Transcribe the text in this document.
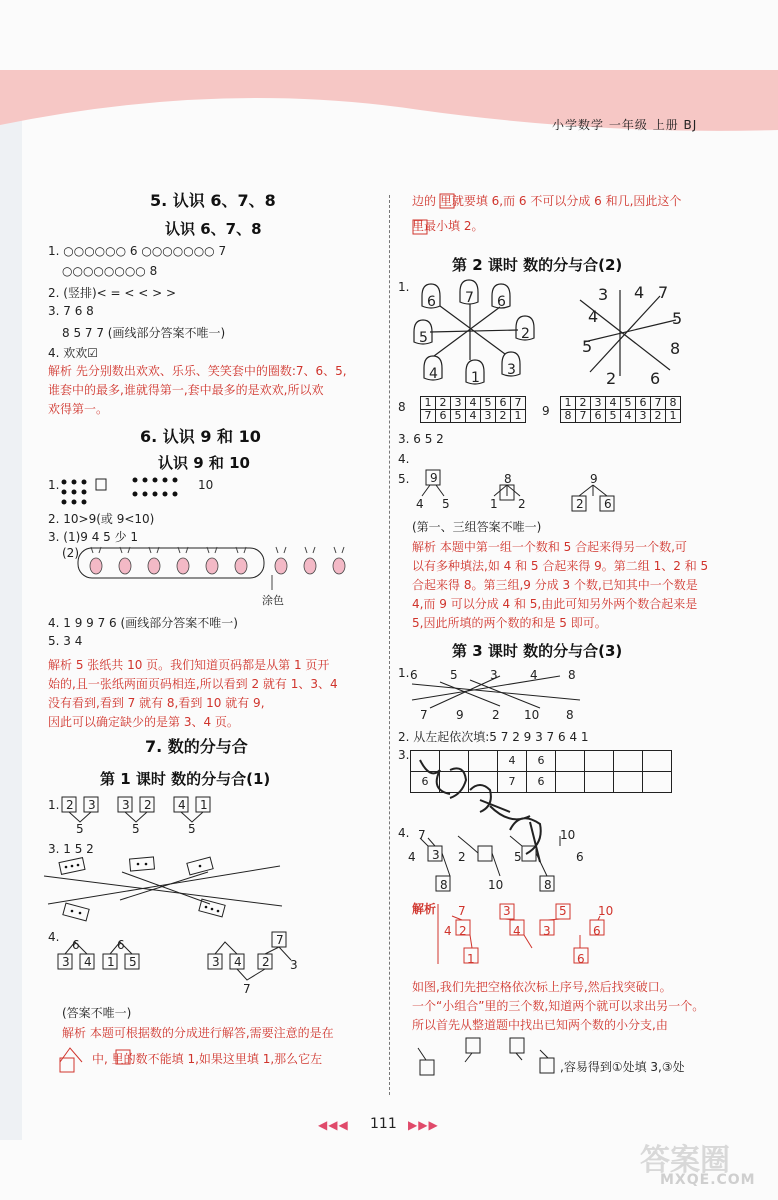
小学数学 一年级 上册 BJ
5. 认识 6、7、8
认识 6、7、8
1. ○○○○○○ 6 ○○○○○○○ 7
○○○○○○○○ 8
2. (竖排)< = < < > >
3. 7 6 8
8 5 7 7 (画线部分答案不唯一)
4. 欢欢☑
解析 先分别数出欢欢、乐乐、笑笑套中的圈数:7、6、5,
谁套中的最多,谁就得第一,套中最多的是欢欢,所以欢
欢得第一。
6. 认识 9 和 10
认识 9 和 10
1.	10
2. 10>9(或 9<10)
3. (1)9 4 5 少 1
(2)
涂色
4. 1 9 9 7 6 (画线部分答案不唯一)
5. 3 4
解析 5 张纸共 10 页。我们知道页码都是从第 1 页开
始的,且一张纸两面页码相连,所以看到 2 就有 1、3、4
没有看到,看到 7 就有 8,看到 10 就有 9,
因此可以确定缺少的是第 3、4 页。
7. 数的分与合
第 1 课时 数的分与合(1)
1. 2 3 3 2 4 1
5	5	5
3. 1 5 2
4.
6	6
3 4 1 5	3 4 2
7
3
7
(答案不唯一)
解析 本题可根据数的分成进行解答,需要注意的是在
中, 里的数不能填 1,如果这里填 1,那么它左
边的 里就要填 6,而 6 不可以分成 6 和几,因此这个
里最小填 2。
第 2 课时 数的分与合(2)
1.
6 7 6
5
4 1 3
2
3 4 7
4	5
5	8
2 6
8 1	2	3	4	5	6	7
7	6	5	4	3	2	1 9
1	2	3	4	5	6	7	8
8	7	6	5	4	3	2	1
3. 6 5 2
4.
5. 9
4 5
8
1 2
9
2 6
(第一、三组答案不唯一)
解析 本题中第一组一个数和 5 合起来得另一个数,可
以有多种填法,如 4 和 5 合起来得 9。第二组 1、2 和 5
合起来得 8。第三组,9 分成 3 个数,已知其中一个数是
4,而 9 可以分成 4 和 5,由此可知另外两个数合起来是
5,因此所填的两个数的和是 5 即可。
第 3 课时 数的分与合(3)
1. 6	5	3	4	8
7 9 2 10 8
2. 从左起依次填:5 7 2 9 3 7 6 4 1
3.
				4	6				
6			7	6				
4. 7	10
4 3 2
8
5
10
6
8
解析 7	3	5	10
4 2
1
4 3
6
6
如图,我们先把空格依次标上序号,然后找突破口。
一个“小组合”里的三个数,知道两个就可以求出另一个。
所以首先从整道题中找出已知两个数的小分支,由
,容易得到①处填 3,③处
◀◀◀ 111 ▶▶▶
答案圈
MXQE.COM
